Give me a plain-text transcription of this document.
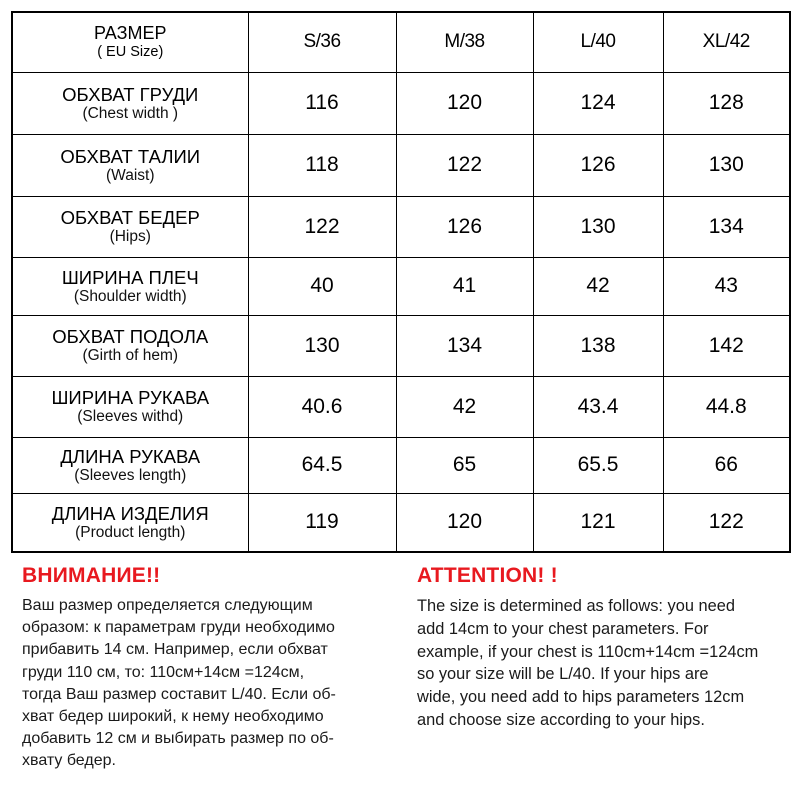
РАЗМЕР
( EU Size)	S/36	M/38	L/40	XL/42

ОБХВАТ ГРУДИ
(Chest width )	116	120	124	128

ОБХВАТ ТАЛИИ
(Waist)	118	122	126	130

ОБХВАТ БЕДЕР
(Hips)	122	126	130	134

ШИРИНА ПЛЕЧ
(Shoulder width)	40	41	42	43

ОБХВАТ ПОДОЛА
(Girth of hem)	130	134	138	142

ШИРИНА РУКАВА
(Sleeves withd)	40.6	42	43.4	44.8

ДЛИНА РУКАВА
(Sleeves length)	64.5	65	65.5	66

ДЛИНА ИЗДЕЛИЯ
(Product length)	119	120	121	122
ВНИМАНИЕ!!
Ваш размер определяется следующим
образом: к параметрам груди необходимо
прибавить 14 см. Например, если обхват
груди 110 см, то: 110см+14см =124см,
тогда Ваш размер составит L/40. Если об-
хват бедер широкий, к нему необходимо
добавить 12 см и выбирать размер по об-
хвату бедер.
ATTENTION! !
The size is determined as follows: you need
add 14cm to your chest parameters. For
example, if your chest is 110cm+14cm =124cm
so your size will be L/40. If your hips are
wide, you need add to hips parameters 12cm
and choose size according to your hips.
